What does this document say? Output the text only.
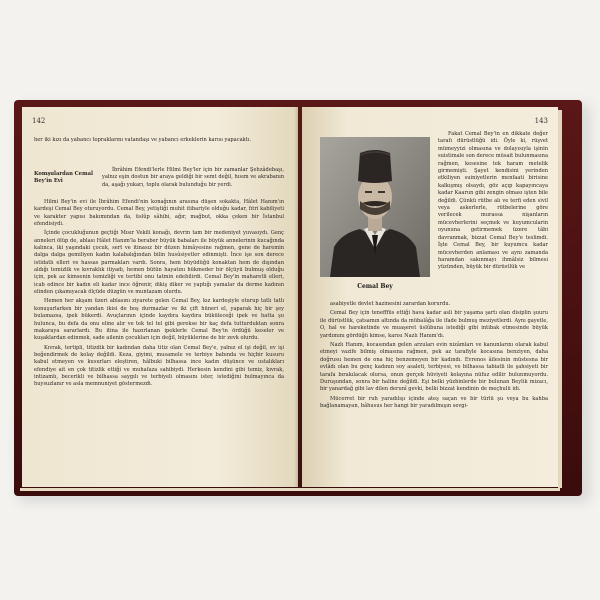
142

her iki kızı da yabancı topraklarını vatandaşı ve yabancı erkeklerin karısı yapacaktı.

Komşulardan Cemal Bey'in Evi

İbrâhim Efendi'lerle Hilmi Bey'ler için bir zamanlar Şehzâdebaşı, yalnız eşin dostun bir araya geldiği bir semt değil, hısım ve akrabanın da, aşağı yukarı, toplu olarak bulunduğu bir yerdi.

Hilmi Bey'in evi ile İbrâhim Efendi'nin konağının arasına düşen sokakta, Hâlet Hanım'ın kardeşi Cemal Bey oturuyordu. Cemal Bey, yetiştiği muhit itibariyle olduğu kadar, fıtri kabiliyeti ve karakter yapısı bakımından da, üslûp sâhibi, ağır, mağbut, okka çeken bir İstanbul efendisiydi.

İçinde çocukluğunun geçtiği Mısır Vekili konağı, devrin tam bir medeniyet yuvasıydı. Genç anneleri ölüp de, ablası Hâlet Hanım'la beraber büyük babaları ile büyük annelerinin kucağında kalınca, iki yaşındaki çocuk, sert ve itinasız bir düzen himâyesine rağmen, gene de haremin dalga dalga gemiliyen kadın kalabalığından bilin husûsiyetler edinmişti. İnce işe son derece istidatlı elleri ve hassas parmakları vardı. Sonra, hem büyüdüğü konaktan hem de dışından aldığı temizlik ve kıvraklık itiyadı, hemen bütün hayatını hükmeder bir ölçüyü bulmuş olduğu için, pek az kimsenin temizliği ve tertibi onu tatmin edebilirdi. Cemal Bey'in maharetli elleri, icab edince bir kadın eli kadar ince öğrenir, dikiş diker ve yaptığı yamalar da derme kadının elinden çıkamıyacak ölçüde düzgün ve muntazam olurdu.

Hemen her akşam üzeri ablasını ziyarete gelen Cemal Bey, kız kardeşiyle oturup tatlı tatlı konuşurlarken bir yandan ikisi de boş durmazlar ve iki çift hüneri el, yaparak hiç bir şey bulamazsa, ipek bükerdi. Avuçlarının içinde kaydıra kaydıra büküleceği ipek ve hatta şu hulunca, bu defa da onu eline alır ve tek tel tel gibi gerekse bir kaç defa tutturduktan sonra makaraya sararlardı. Bu itina ile hazırlanan ipeklerle Cemal Bey'in ördüğü keseler ve kuşaklardan edinmek, sade ailenin çocukları için değil, büyüklerine de bir zevk olurdu.

Kıvrak, tertipli, titizdik bir kadından daha titiz olan Cemal Bey'e, yalnız el işi değil, ev işi beğendirmek de kolay değildi. Keza, giyimi, musamele ve terbiye babında ve hiçbir kusuru kabul etmeyen ve kusurları eleştiren, hâlbuki bilhassa ince kadın düşünce ve ustalıkları efendiye ait en çok titizlik ettiği ve muhafaza sahibiydi. Herkesin kendini gibi temiz, kıvrak, intizamlı, becerikli ve bilhassa saygılı ve terbiyeli olmasını ister, istediğini bulmayınca da huysuzlanır ve asla memnuniyet göstermezdi.

143
Cemal Bey

Fakat Cemal Bey'in en dikkate değer tarafı dürüstlüğü idi. Öyle ki, rüşvet mümeyyizi olmasına ve dolayısıyla işinin suistimale son derece müsait bulunmasına rağmen, kesesine tek haram metelik girmemişti. Şayet kendisini yerinden etkiliyen suiniyetlerin menfaati birisine kalkışmış olsaydı, göz açıp kapayıncaya kadar Kaarun gibi zengin olması işten bile değildi. Çünkü rütbe alı ve terfi eden sivil veya askerlerle, rütbelerine göre verilecek murassa nişanların mücevherlerini seçmek ve kuyumcularin oyununa getirmemek üzere tâbi davranmak, bizzat Cemal Bey'e teslimdi. İşte Cemal Bey, bir kuyumcu kadar mücevherden anlaması ve aynı zamanda haramdan sakınmayı ihmâlsiz bilmesi yüzünden, büyük bir dürüstlük ve

asabiyetle devlet hazinesini zarardan korurdu.

Cemal Bey için tenefffüs ettiği hava kadar asli bir yaşama şartı olan disiplin şuuru ile dürüstlük, çatsamın altında da mübalâğa ile ifade bulmuş meziyetlerdi. Aynı gayetle, O, hal ve hareketinde ve muaşeret üslûbuna istediği gibi intibak etmesinde büyük yardımını gördüğü kimse, karısı Nazlı Hanım'dı.

Nazlı Hanım, kocasından gelen arzuları evin nizâmları ve kanunlarını olarak kabul etmeyi vazife bilmiş olmasına rağmen, pek az tarafiyle kocasına benziyen, daha doğrusu hemen de ona hiç benzemeyen bir kadındı. Evrenos âilesinin müstesna bir evlâdı olan bu genç kadının soy asaleti, terbiyesi, ve bilhassa tabiatli ile şahsiyeti bir tarafa bırakılacak olursa, onun gerçek hüviyeti kolayına nüfuz edilir bulunmuyordu. Duruşundan, sonra bir haline değildi. Eşi belki yüzbinlerde bir bulunan Beylik mizacı, bir yanardağ gibi lav dilen derunî gevki, belki bizzat kendinin de meçhulü idi.

Mücerret bir ruh yaradılışı içinde ateş saçan ve bir türlü şu veya bu kahba bağlanamayan, bâhusus her hangi bir yaradılmışın sevgi-
